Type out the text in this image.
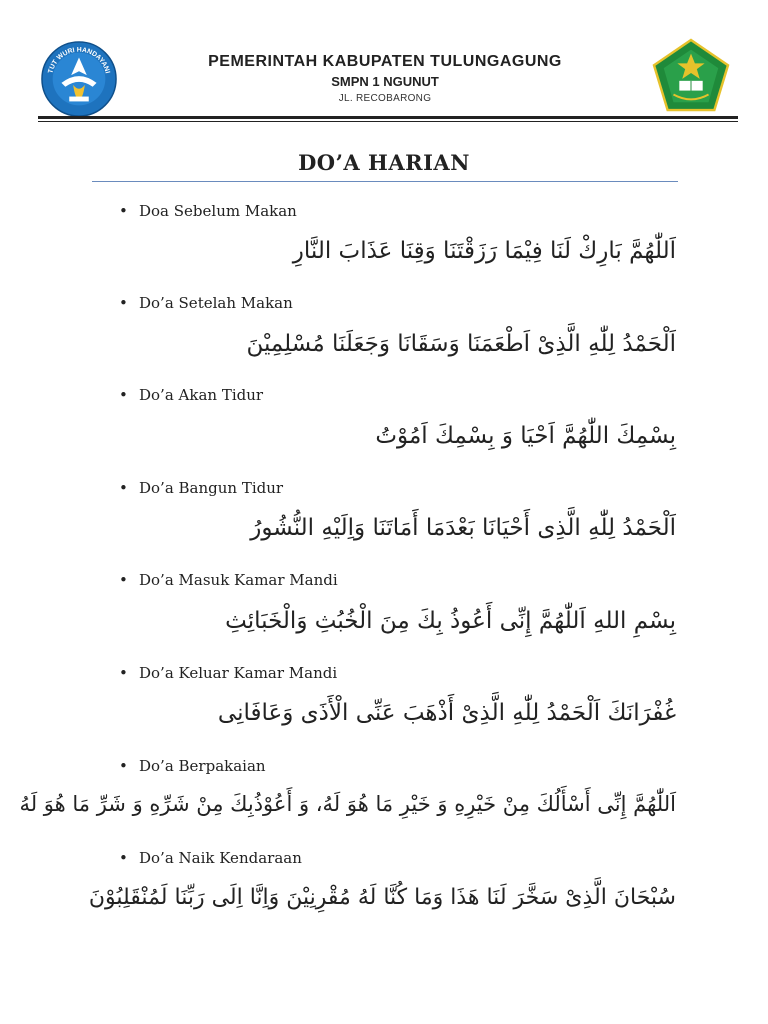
TUT WURI HANDAYANI
PEMERINTAH KABUPATEN TULUNGAGUNG
SMPN 1 NGUNUT
JL. RECOBARONG
DO’A HARIAN
• Doa Sebelum Makan
اَللّٰهُمَّ بَارِكْ لَنَا فِيْمَا رَزَقْتَنَا وَقِنَا عَذَابَ النَّارِ
• Do’a Setelah Makan
اَلْحَمْدُ لِلّٰهِ الَّذِىْ اَطْعَمَنَا وَسَقَانَا وَجَعَلَنَا مُسْلِمِيْنَ
• Do’a Akan Tidur
بِسْمِكَ اللّٰهُمَّ اَحْيَا وَ بِسْمِكَ اَمُوْتُ
• Do’a Bangun Tidur
اَلْحَمْدُ لِلّٰهِ الَّذِى أَحْيَانَا بَعْدَمَا أَمَاتَنَا وَاِلَيْهِ النُّشُورُ
• Do’a Masuk Kamar Mandi
بِسْمِ اللهِ اَللّٰهُمَّ إِنِّى أَعُوذُ بِكَ مِنَ الْخُبُثِ وَالْخَبَائِثِ
• Do’a Keluar Kamar Mandi
غُفْرَانَكَ اَلْحَمْدُ لِلّٰهِ الَّذِىْ أَذْهَبَ عَنِّى الْأَذَى وَعَافَانِى
• Do’a Berpakaian
اَللّٰهُمَّ إِنِّى أَسْأَلُكَ مِنْ خَيْرِهِ وَ خَيْرِ مَا هُوَ لَهُ، وَ أَعُوْذُبِكَ مِنْ شَرِّهِ وَ شَرِّ مَا هُوَ لَهُ
• Do’a Naik Kendaraan
سُبْحَانَ الَّذِىْ سَخَّرَ لَنَا هَذَا وَمَا كُنَّا لَهُ مُقْرِنِيْنَ وَاِنَّا اِلَى رَبِّنَا لَمُنْقَلِبُوْنَ
